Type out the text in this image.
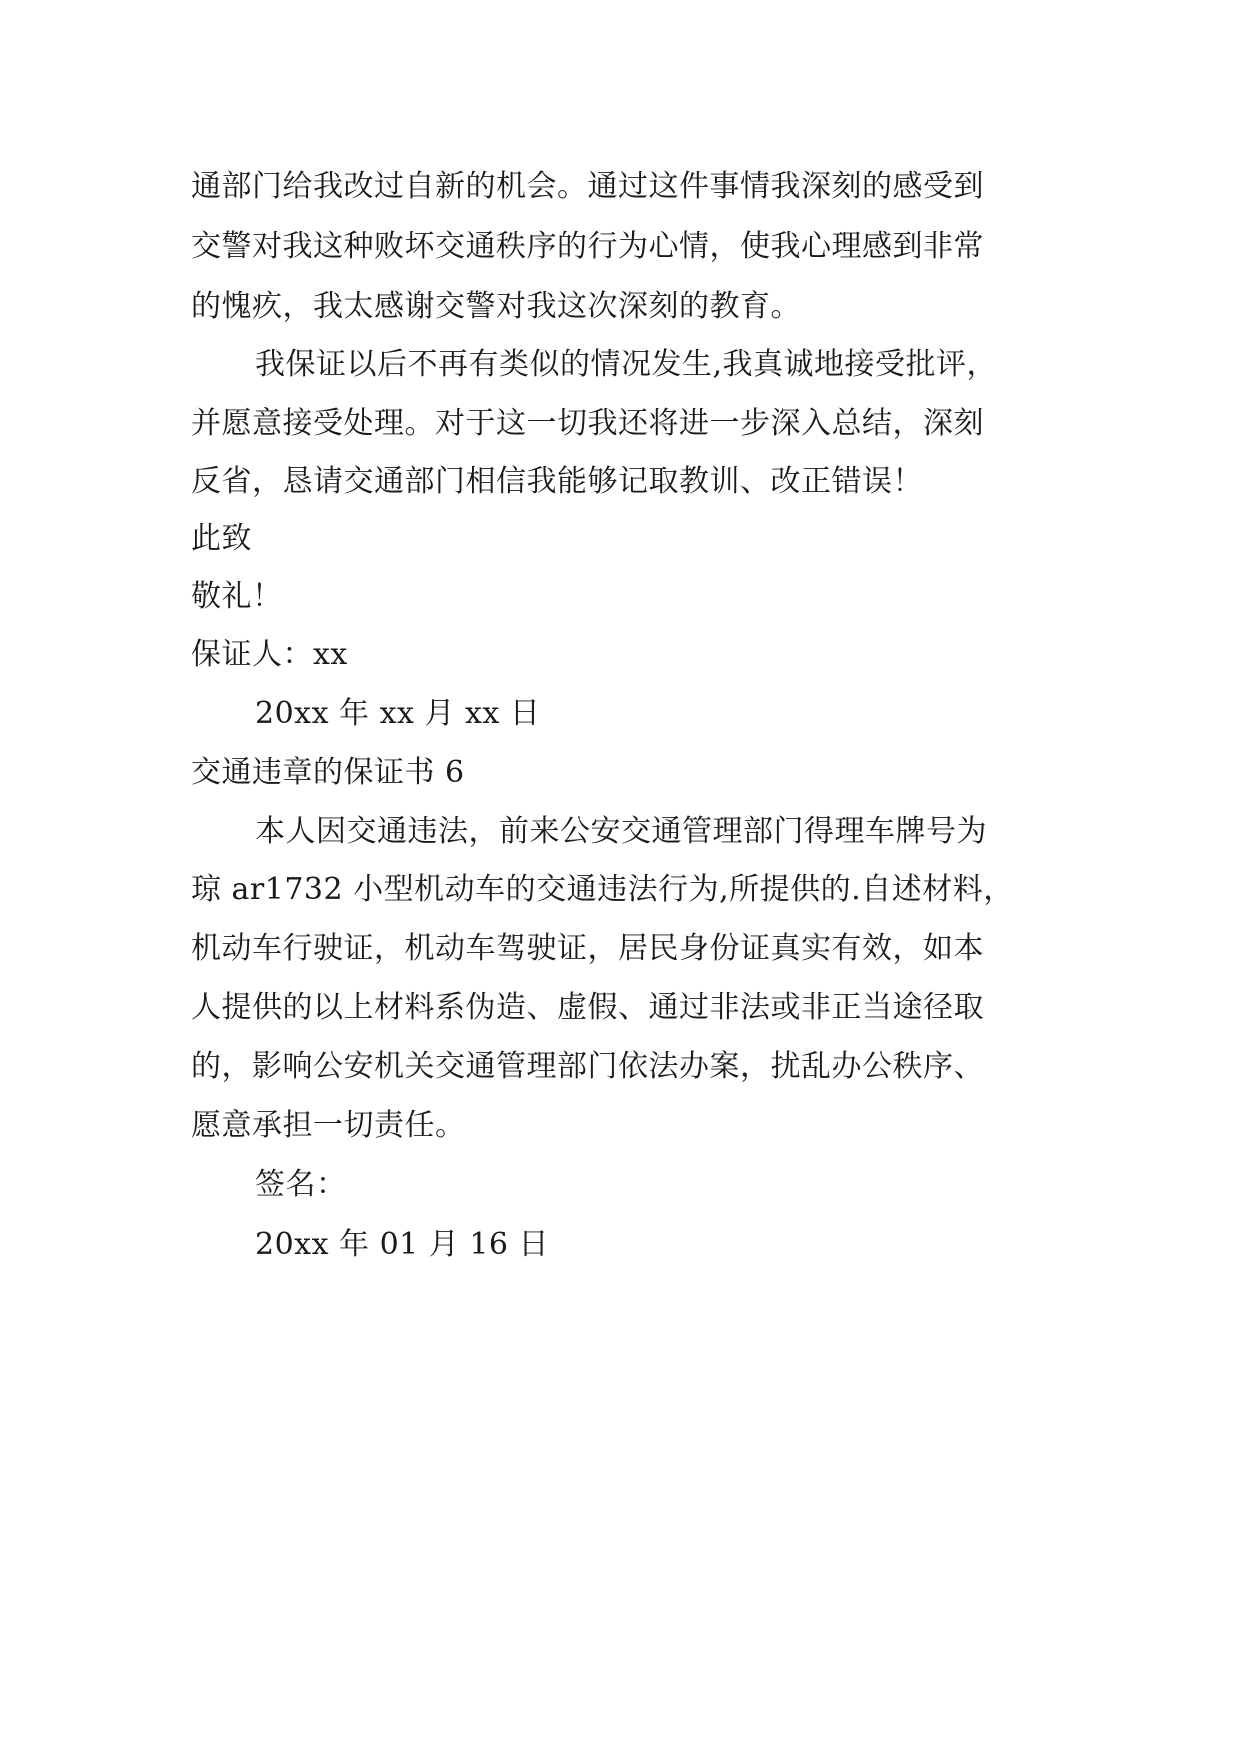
通部门给我改过自新的机会。通过这件事情我深刻的感受到
交警对我这种败坏交通秩序的行为心情，使我心理感到非常
的愧疚，我太感谢交警对我这次深刻的教育。
我保证以后不再有类似的情况发生,我真诚地接受批评，
并愿意接受处理。对于这一切我还将进一步深入总结，深刻
反省，恳请交通部门相信我能够记取教训、改正错误！
此致
敬礼！
保证人：xx
20xx 年 xx 月 xx 日
交通违章的保证书 6
本人因交通违法，前来公安交通管理部门得理车牌号为
琼 ar1732 小型机动车的交通违法行为,所提供的.自述材料，
机动车行驶证，机动车驾驶证，居民身份证真实有效，如本
人提供的以上材料系伪造、虚假、通过非法或非正当途径取
的，影响公安机关交通管理部门依法办案，扰乱办公秩序、
愿意承担一切责任。
签名：
20xx 年 01 月 16 日
